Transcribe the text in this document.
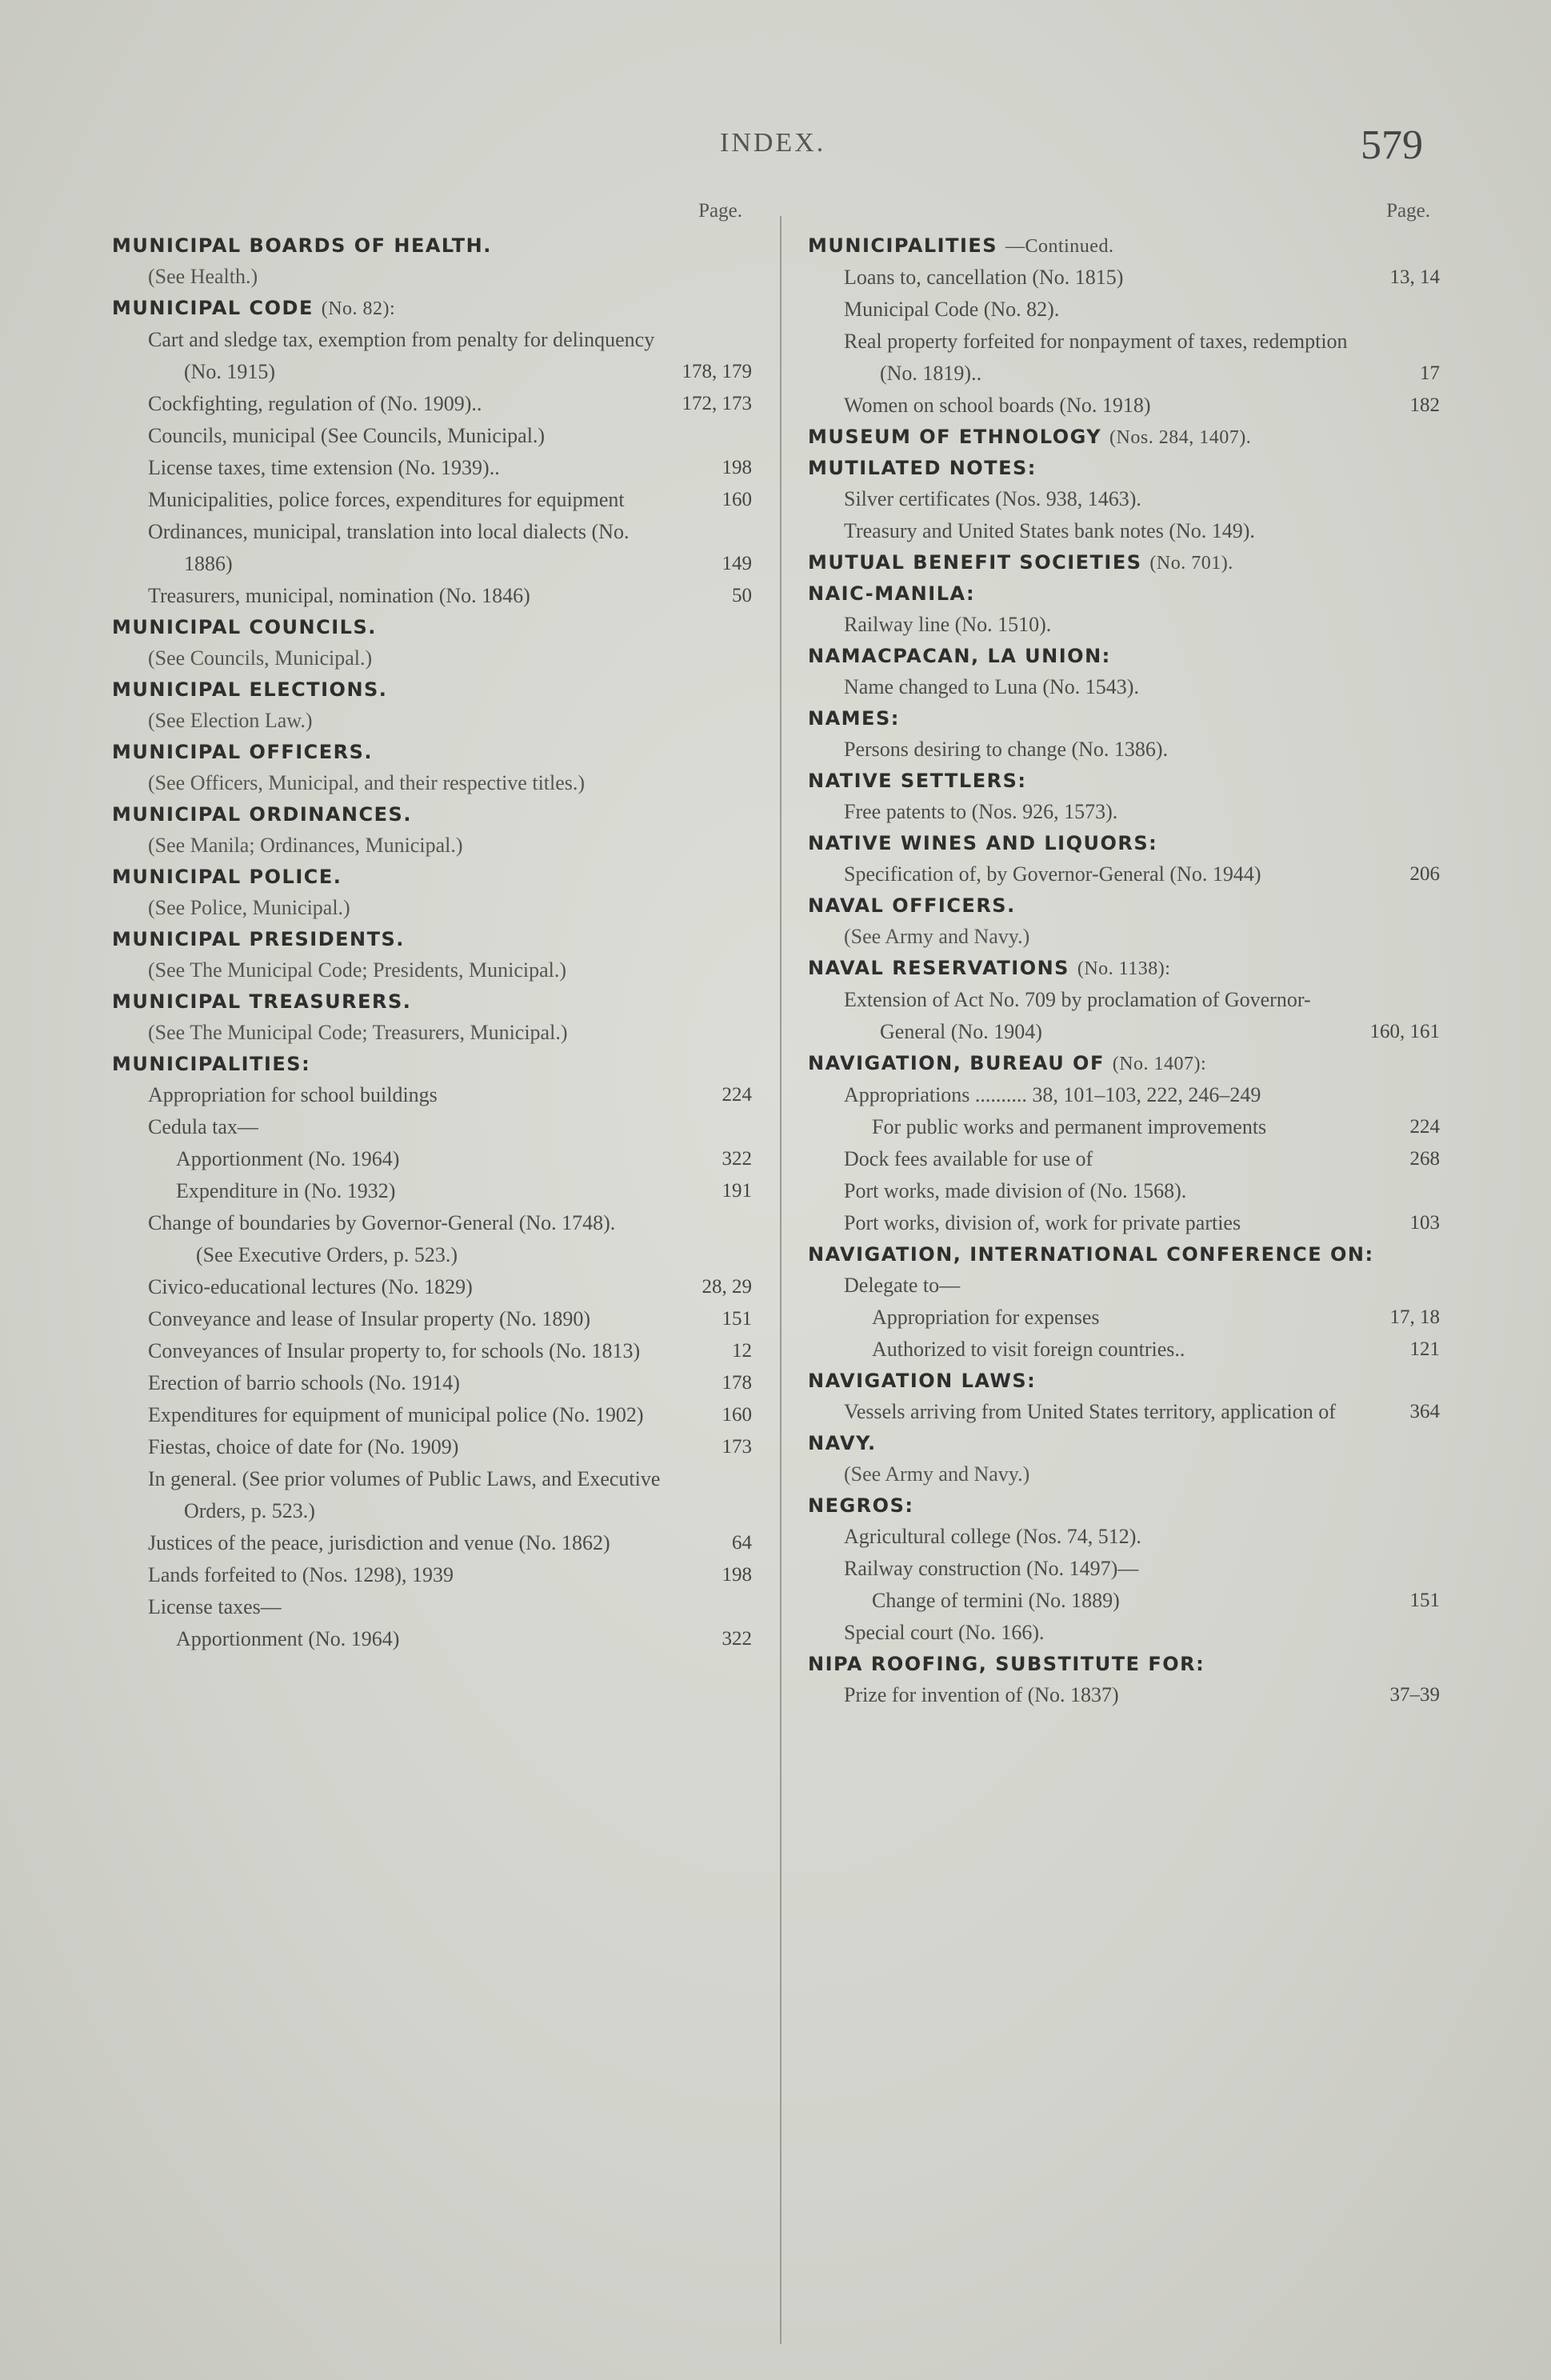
INDEX.	579
Page.
MUNICIPAL BOARDS OF HEALTH.
(See Health.)
MUNICIPAL CODE (No. 82):
Cart and sledge tax, exemption from penalty for delinquency (No. 1915)	178, 179
Cockfighting, regulation of (No. 1909)..	172, 173
Councils, municipal (See Councils, Municipal.)
License taxes, time extension (No. 1939)..	198
Municipalities, police forces, expenditures for equipment	160
Ordinances, municipal, translation into local dialects (No. 1886)	149
Treasurers, municipal, nomination (No. 1846)	50
MUNICIPAL COUNCILS.
(See Councils, Municipal.)
MUNICIPAL ELECTIONS.
(See Election Law.)
MUNICIPAL OFFICERS.
(See Officers, Municipal, and their respective titles.)
MUNICIPAL ORDINANCES.
(See Manila; Ordinances, Municipal.)
MUNICIPAL POLICE.
(See Police, Municipal.)
MUNICIPAL PRESIDENTS.
(See The Municipal Code; Presidents, Municipal.)
MUNICIPAL TREASURERS.
(See The Municipal Code; Treasurers, Municipal.)
MUNICIPALITIES:
Appropriation for school buildings	224
Cedula tax—
Apportionment (No. 1964)	322
Expenditure in (No. 1932)	191
Change of boundaries by Governor-General (No. 1748).
(See Executive Orders, p. 523.)
Civico-educational lectures (No. 1829)	28, 29
Conveyance and lease of Insular property (No. 1890)	151
Conveyances of Insular property to, for schools (No. 1813)	12
Erection of barrio schools (No. 1914)	178
Expenditures for equipment of municipal police (No. 1902)	160
Fiestas, choice of date for (No. 1909)	173
In general. (See prior volumes of Public Laws, and Executive Orders, p. 523.)
Justices of the peace, jurisdiction and venue (No. 1862)	64
Lands forfeited to (Nos. 1298), 1939	198
License taxes—
Apportionment (No. 1964)	322
Page.
MUNICIPALITIES —Continued.
Loans to, cancellation (No. 1815)	13, 14
Municipal Code (No. 82).
Real property forfeited for nonpayment of taxes, redemption (No. 1819)..	17
Women on school boards (No. 1918)	182
MUSEUM OF ETHNOLOGY (Nos. 284, 1407).
MUTILATED NOTES:
Silver certificates (Nos. 938, 1463).
Treasury and United States bank notes (No. 149).
MUTUAL BENEFIT SOCIETIES (No. 701).
NAIC-MANILA:
Railway line (No. 1510).
NAMACPACAN, LA UNION:
Name changed to Luna (No. 1543).
NAMES:
Persons desiring to change (No. 1386).
NATIVE SETTLERS:
Free patents to (Nos. 926, 1573).
NATIVE WINES AND LIQUORS:
Specification of, by Governor-General (No. 1944)	206
NAVAL OFFICERS.
(See Army and Navy.)
NAVAL RESERVATIONS (No. 1138):
Extension of Act No. 709 by proclamation of Governor-General (No. 1904)	160, 161
NAVIGATION, BUREAU OF (No. 1407):
Appropriations .......... 38, 101–103, 222, 246–249
For public works and permanent improvements	224
Dock fees available for use of	268
Port works, made division of (No. 1568).
Port works, division of, work for private parties	103
NAVIGATION, INTERNATIONAL CONFERENCE ON:
Delegate to—
Appropriation for expenses	17, 18
Authorized to visit foreign countries..	121
NAVIGATION LAWS:
Vessels arriving from United States territory, application of	364
NAVY.
(See Army and Navy.)
NEGROS:
Agricultural college (Nos. 74, 512).
Railway construction (No. 1497)—
Change of termini (No. 1889)	151
Special court (No. 166).
NIPA ROOFING, SUBSTITUTE FOR:
Prize for invention of (No. 1837)	37–39
